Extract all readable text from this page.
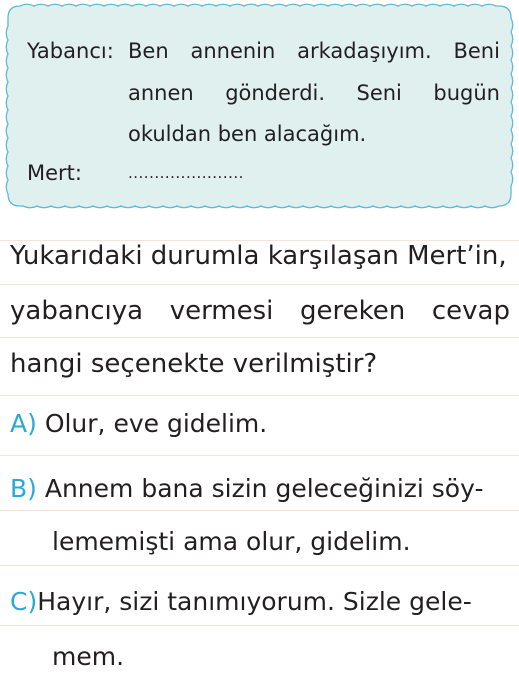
Yabancı: Ben annenin arkadaşıyım. Beni
annen gönderdi. Seni bugün
okuldan ben alacağım.
Mert:	......................
Yukarıdaki durumla karşılaşan Mert’in,
yabancıya vermesi gereken cevap
hangi seçenekte verilmiştir?
A) Olur, eve gidelim.
B) Annem bana sizin geleceğinizi söy-
lememişti ama olur, gidelim.
C)Hayır, sizi tanımıyorum. Sizle gele-
mem.
